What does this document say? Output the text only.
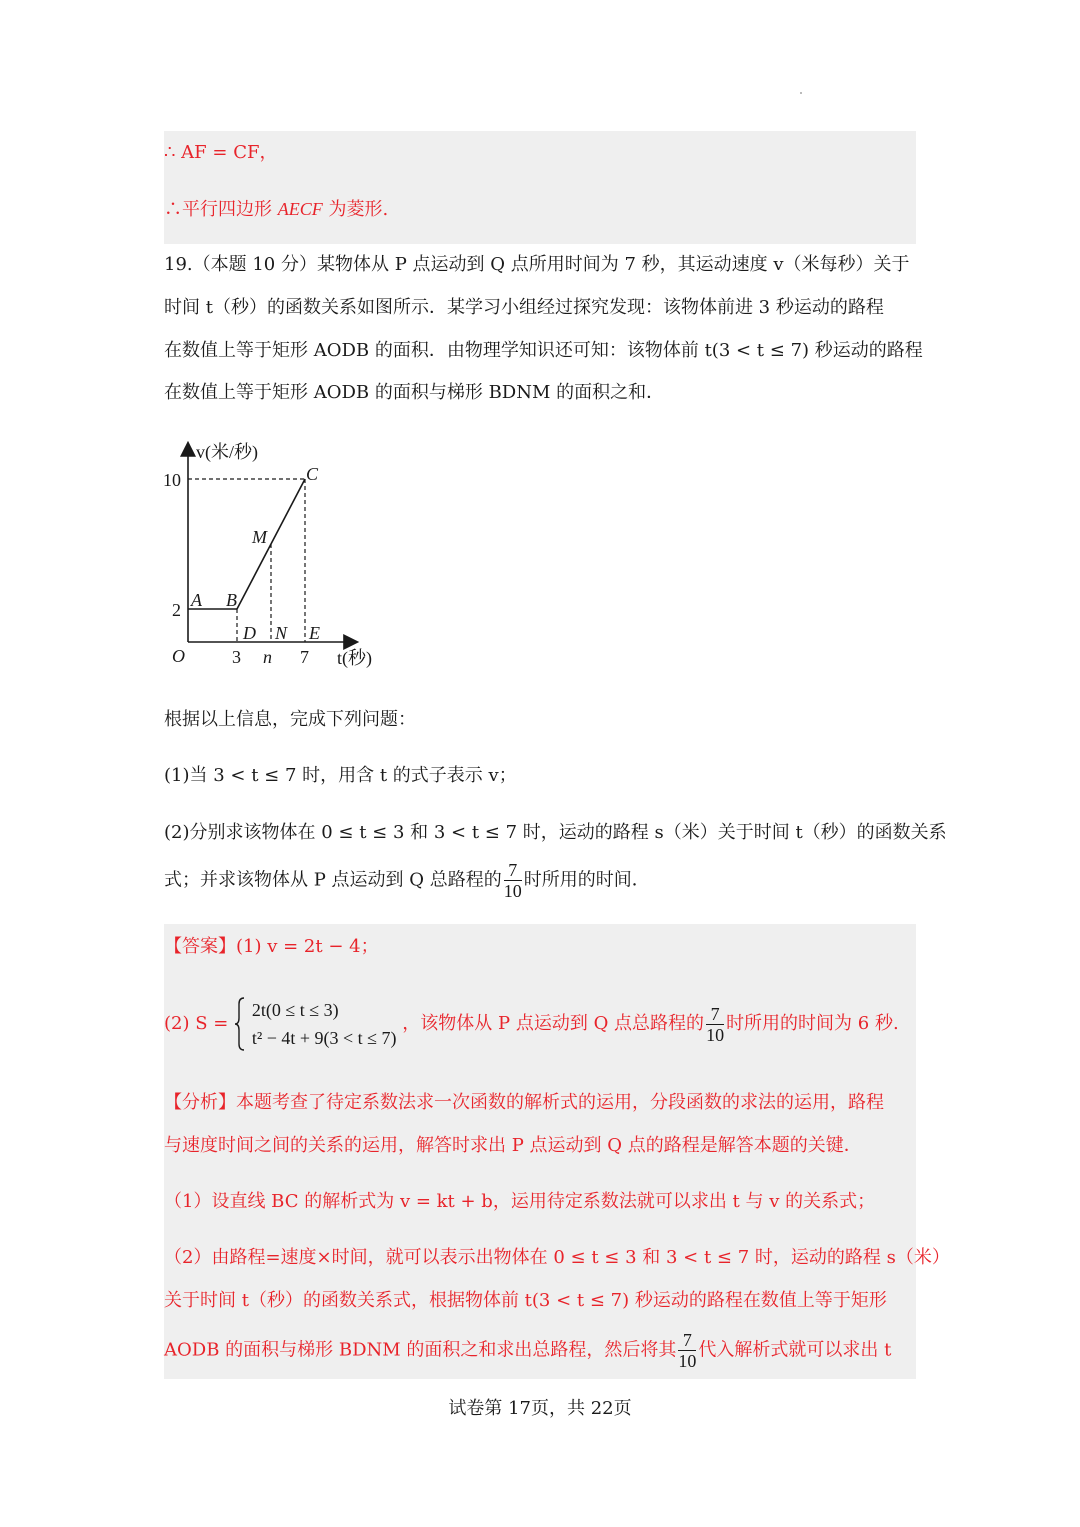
∴ AF = CF，
∴平行四边形 AECF 为菱形.
19.（本题 10 分）某物体从 P 点运动到 Q 点所用时间为 7 秒，其运动速度 v（米每秒）关于
时间 t（秒）的函数关系如图所示．某学习小组经过探究发现：该物体前进 3 秒运动的路程
在数值上等于矩形 AODB 的面积．由物理学知识还可知：该物体前 t(3 < t ≤ 7) 秒运动的路程
在数值上等于矩形 AODB 的面积与梯形 BDNM 的面积之和．
v(米/秒)
10
2
C
M
A B
D N E
O	3 n 7 t(秒)
根据以上信息，完成下列问题：
(1)当 3 < t ≤ 7 时，用含 t 的式子表示 v；
(2)分别求该物体在 0 ≤ t ≤ 3 和 3 < t ≤ 7 时，运动的路程 s（米）关于时间 t（秒）的函数关系
式；并求该物体从 P 点运动到 Q 总路程的 $\frac{7}{10}$ 时所用的时间．
【答案】(1) v = 2t − 4；
(2) S =
2t(0 ≤ t ≤ 3)
t² − 4t + 9(3 < t ≤ 7)
，该物体从 P 点运动到 Q 点总路程的 $\frac{7}{10}$ 时所用的时间为 6 秒.
【分析】本题考查了待定系数法求一次函数的解析式的运用，分段函数的求法的运用，路程
与速度时间之间的关系的运用，解答时求出 P 点运动到 Q 点的路程是解答本题的关键．
（1）设直线 BC 的解析式为 v = kt + b，运用待定系数法就可以求出 t 与 v 的关系式；
（2）由路程=速度×时间，就可以表示出物体在 0 ≤ t ≤ 3 和 3 < t ≤ 7 时，运动的路程 s（米）
关于时间 t（秒）的函数关系式，根据物体前 t(3 < t ≤ 7) 秒运动的路程在数值上等于矩形
AODB 的面积与梯形 BDNM 的面积之和求出总路程，然后将其 $\frac{7}{10}$ 代入解析式就可以求出 t
试卷第 17页，共 22页
